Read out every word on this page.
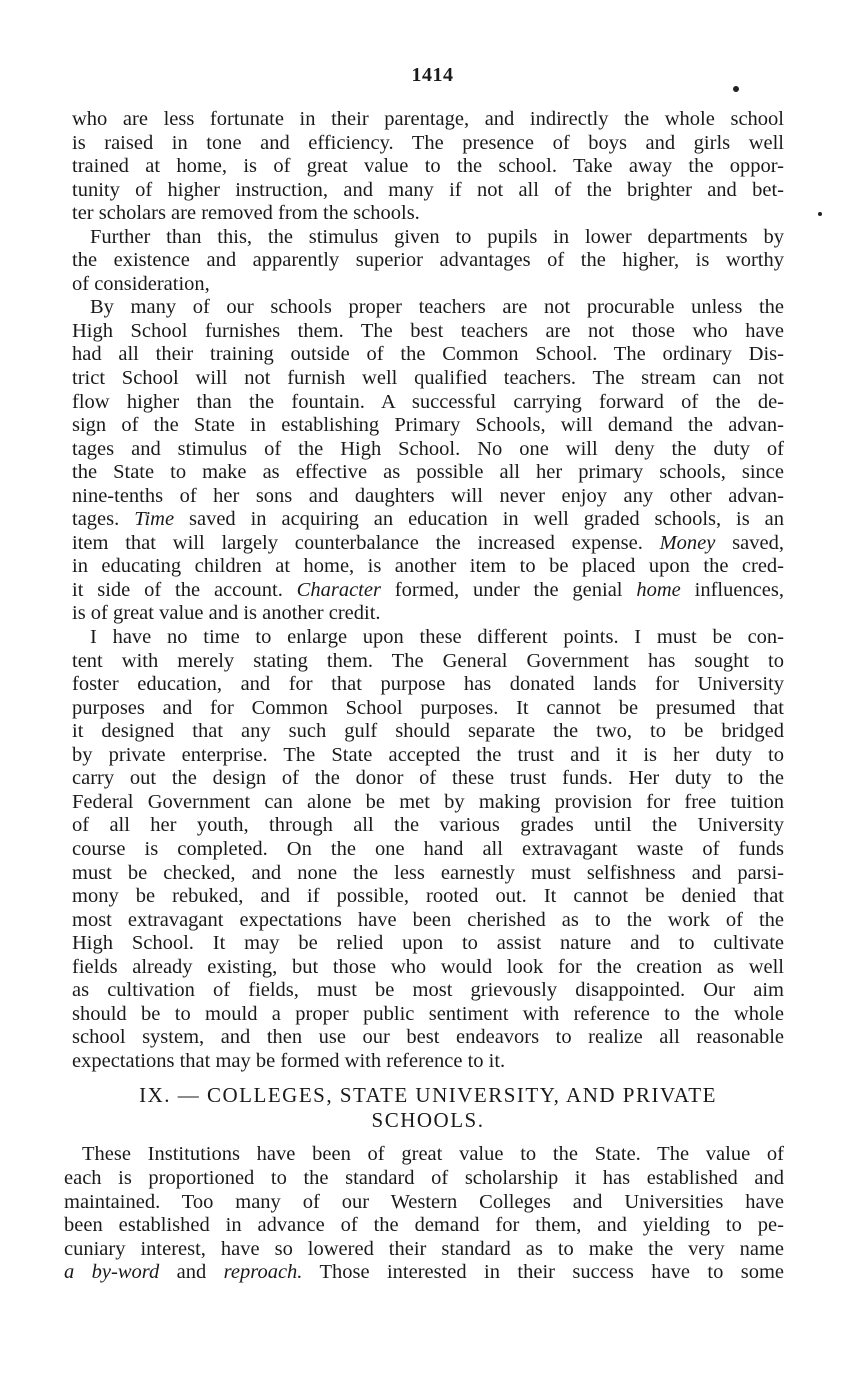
1414
who are less fortunate in their parentage, and indirectly the whole school
is raised in tone and efficiency. The presence of boys and girls well
trained at home, is of great value to the school. Take away the oppor-
tunity of higher instruction, and many if not all of the brighter and bet-
ter scholars are removed from the schools.
Further than this, the stimulus given to pupils in lower departments by
the existence and apparently superior advantages of the higher, is worthy
of consideration,
By many of our schools proper teachers are not procurable unless the
High School furnishes them. The best teachers are not those who have
had all their training outside of the Common School. The ordinary Dis-
trict School will not furnish well qualified teachers. The stream can not
flow higher than the fountain. A successful carrying forward of the de-
sign of the State in establishing Primary Schools, will demand the advan-
tages and stimulus of the High School. No one will deny the duty of
the State to make as effective as possible all her primary schools, since
nine-tenths of her sons and daughters will never enjoy any other advan-
tages. Time saved in acquiring an education in well graded schools, is an
item that will largely counterbalance the increased expense. Money saved,
in educating children at home, is another item to be placed upon the cred-
it side of the account. Character formed, under the genial home influences,
is of great value and is another credit.
I have no time to enlarge upon these different points. I must be con-
tent with merely stating them. The General Government has sought to
foster education, and for that purpose has donated lands for University
purposes and for Common School purposes. It cannot be presumed that
it designed that any such gulf should separate the two, to be bridged
by private enterprise. The State accepted the trust and it is her duty to
carry out the design of the donor of these trust funds. Her duty to the
Federal Government can alone be met by making provision for free tuition
of all her youth, through all the various grades until the University
course is completed. On the one hand all extravagant waste of funds
must be checked, and none the less earnestly must selfishness and parsi-
mony be rebuked, and if possible, rooted out. It cannot be denied that
most extravagant expectations have been cherished as to the work of the
High School. It may be relied upon to assist nature and to cultivate
fields already existing, but those who would look for the creation as well
as cultivation of fields, must be most grievously disappointed. Our aim
should be to mould a proper public sentiment with reference to the whole
school system, and then use our best endeavors to realize all reasonable
expectations that may be formed with reference to it.
IX. — COLLEGES, STATE UNIVERSITY, AND PRIVATE
SCHOOLS.
These Institutions have been of great value to the State. The value of
each is proportioned to the standard of scholarship it has established and
maintained. Too many of our Western Colleges and Universities have
been established in advance of the demand for them, and yielding to pe-
cuniary interest, have so lowered their standard as to make the very name
a by-word and reproach. Those interested in their success have to some
